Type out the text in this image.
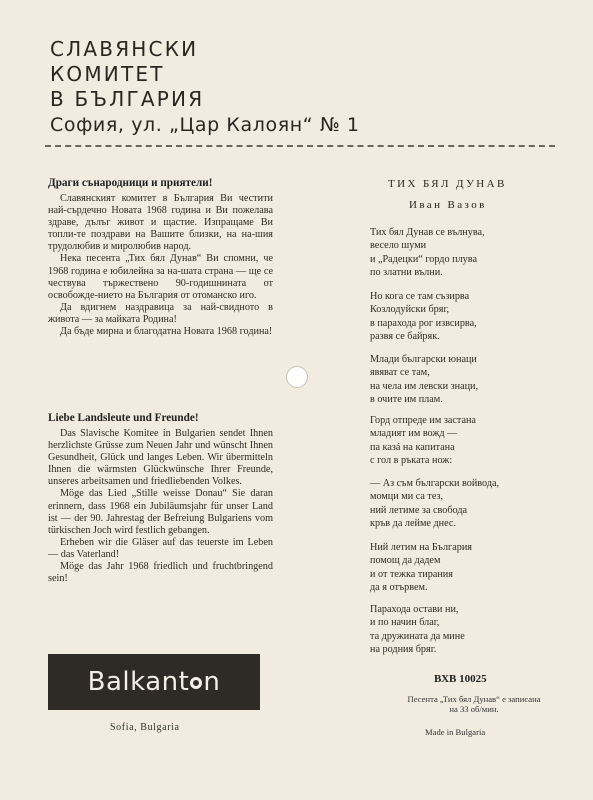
СЛАВЯНСКИ
КОМИТЕТ
В БЪЛГАРИЯ
София, ул. „Цар Калоян“ № 1
Драги сънародници и приятели!
Славянският комитет в България Ви честити най-сърдечно Новата 1968 година и Ви пожелава здраве, дълъг живот и щастие. Изпращаме Ви топли-те поздрави на Вашите близки, на на-шия трудолюбив и миролюбив народ.
Нека песента „Тих бял Дунав“ Ви спомни, че 1968 година е юбилейна за на-шата страна — ще се чествува тържествено 90-годишнината от освобожде-нието на България от отоманско иго.
Да вдигнем наздравица за най-свидното в живота — за майката Родина!
Да бъде мирна и благодатна Новата 1968 година!
Liebe Landsleute und Freunde!
Das Slavische Komitee in Bulgarien sendet Ihnen herzlichste Grüsse zum Neuen Jahr und wünscht Ihnen Gesundheit, Glück und langes Leben. Wir übermitteln Ihnen die wärmsten Glückwünsche Ihrer Freunde, unseres arbeitsamen und friedliebenden Volkes.
Möge das Lied „Stille weisse Donau“ Sie daran erinnern, dass 1968 ein Jubiläumsjahr für unser Land ist — der 90. Jahrestag der Befreiung Bulgariens vom türkischen Joch wird festlich gebangen.
Erheben wir die Gläser auf das teuerste im Leben — das Vaterland!
Möge das Jahr 1968 friedlich und fruchtbringend sein!
ТИХ БЯЛ ДУНАВ
Иван Вазов
Тих бял Дунав се вълнува,
весело шуми
и „Радецки“ гордо плува
по златни вълни.
Но кога се там съзирва
Козлодуйски бряг,
в парахода рог извсирва,
развя се байряк.
Млади български юнаци
явяват се там,
на чела им левски знаци,
в очите им плам.
Горд отпреде им застана
младият им вожд —
па казá на капитана
с гол в ръката нож:
— Аз съм български войвода,
момци ми са тез,
ний летиме за свобода
кръв да лейме днес.
Ний летим на България
помощ да дадем
и от тежка тирания
да я отървем.
Парахода остави ни,
и по начин благ,
та дружината да мине
на родния бряг.
Balkant n
Sofia, Bulgaria
ВХВ 10025
Песента „Тих бял Дунав“ е записана
на 33 об/мин.
Made in Bulgaria
